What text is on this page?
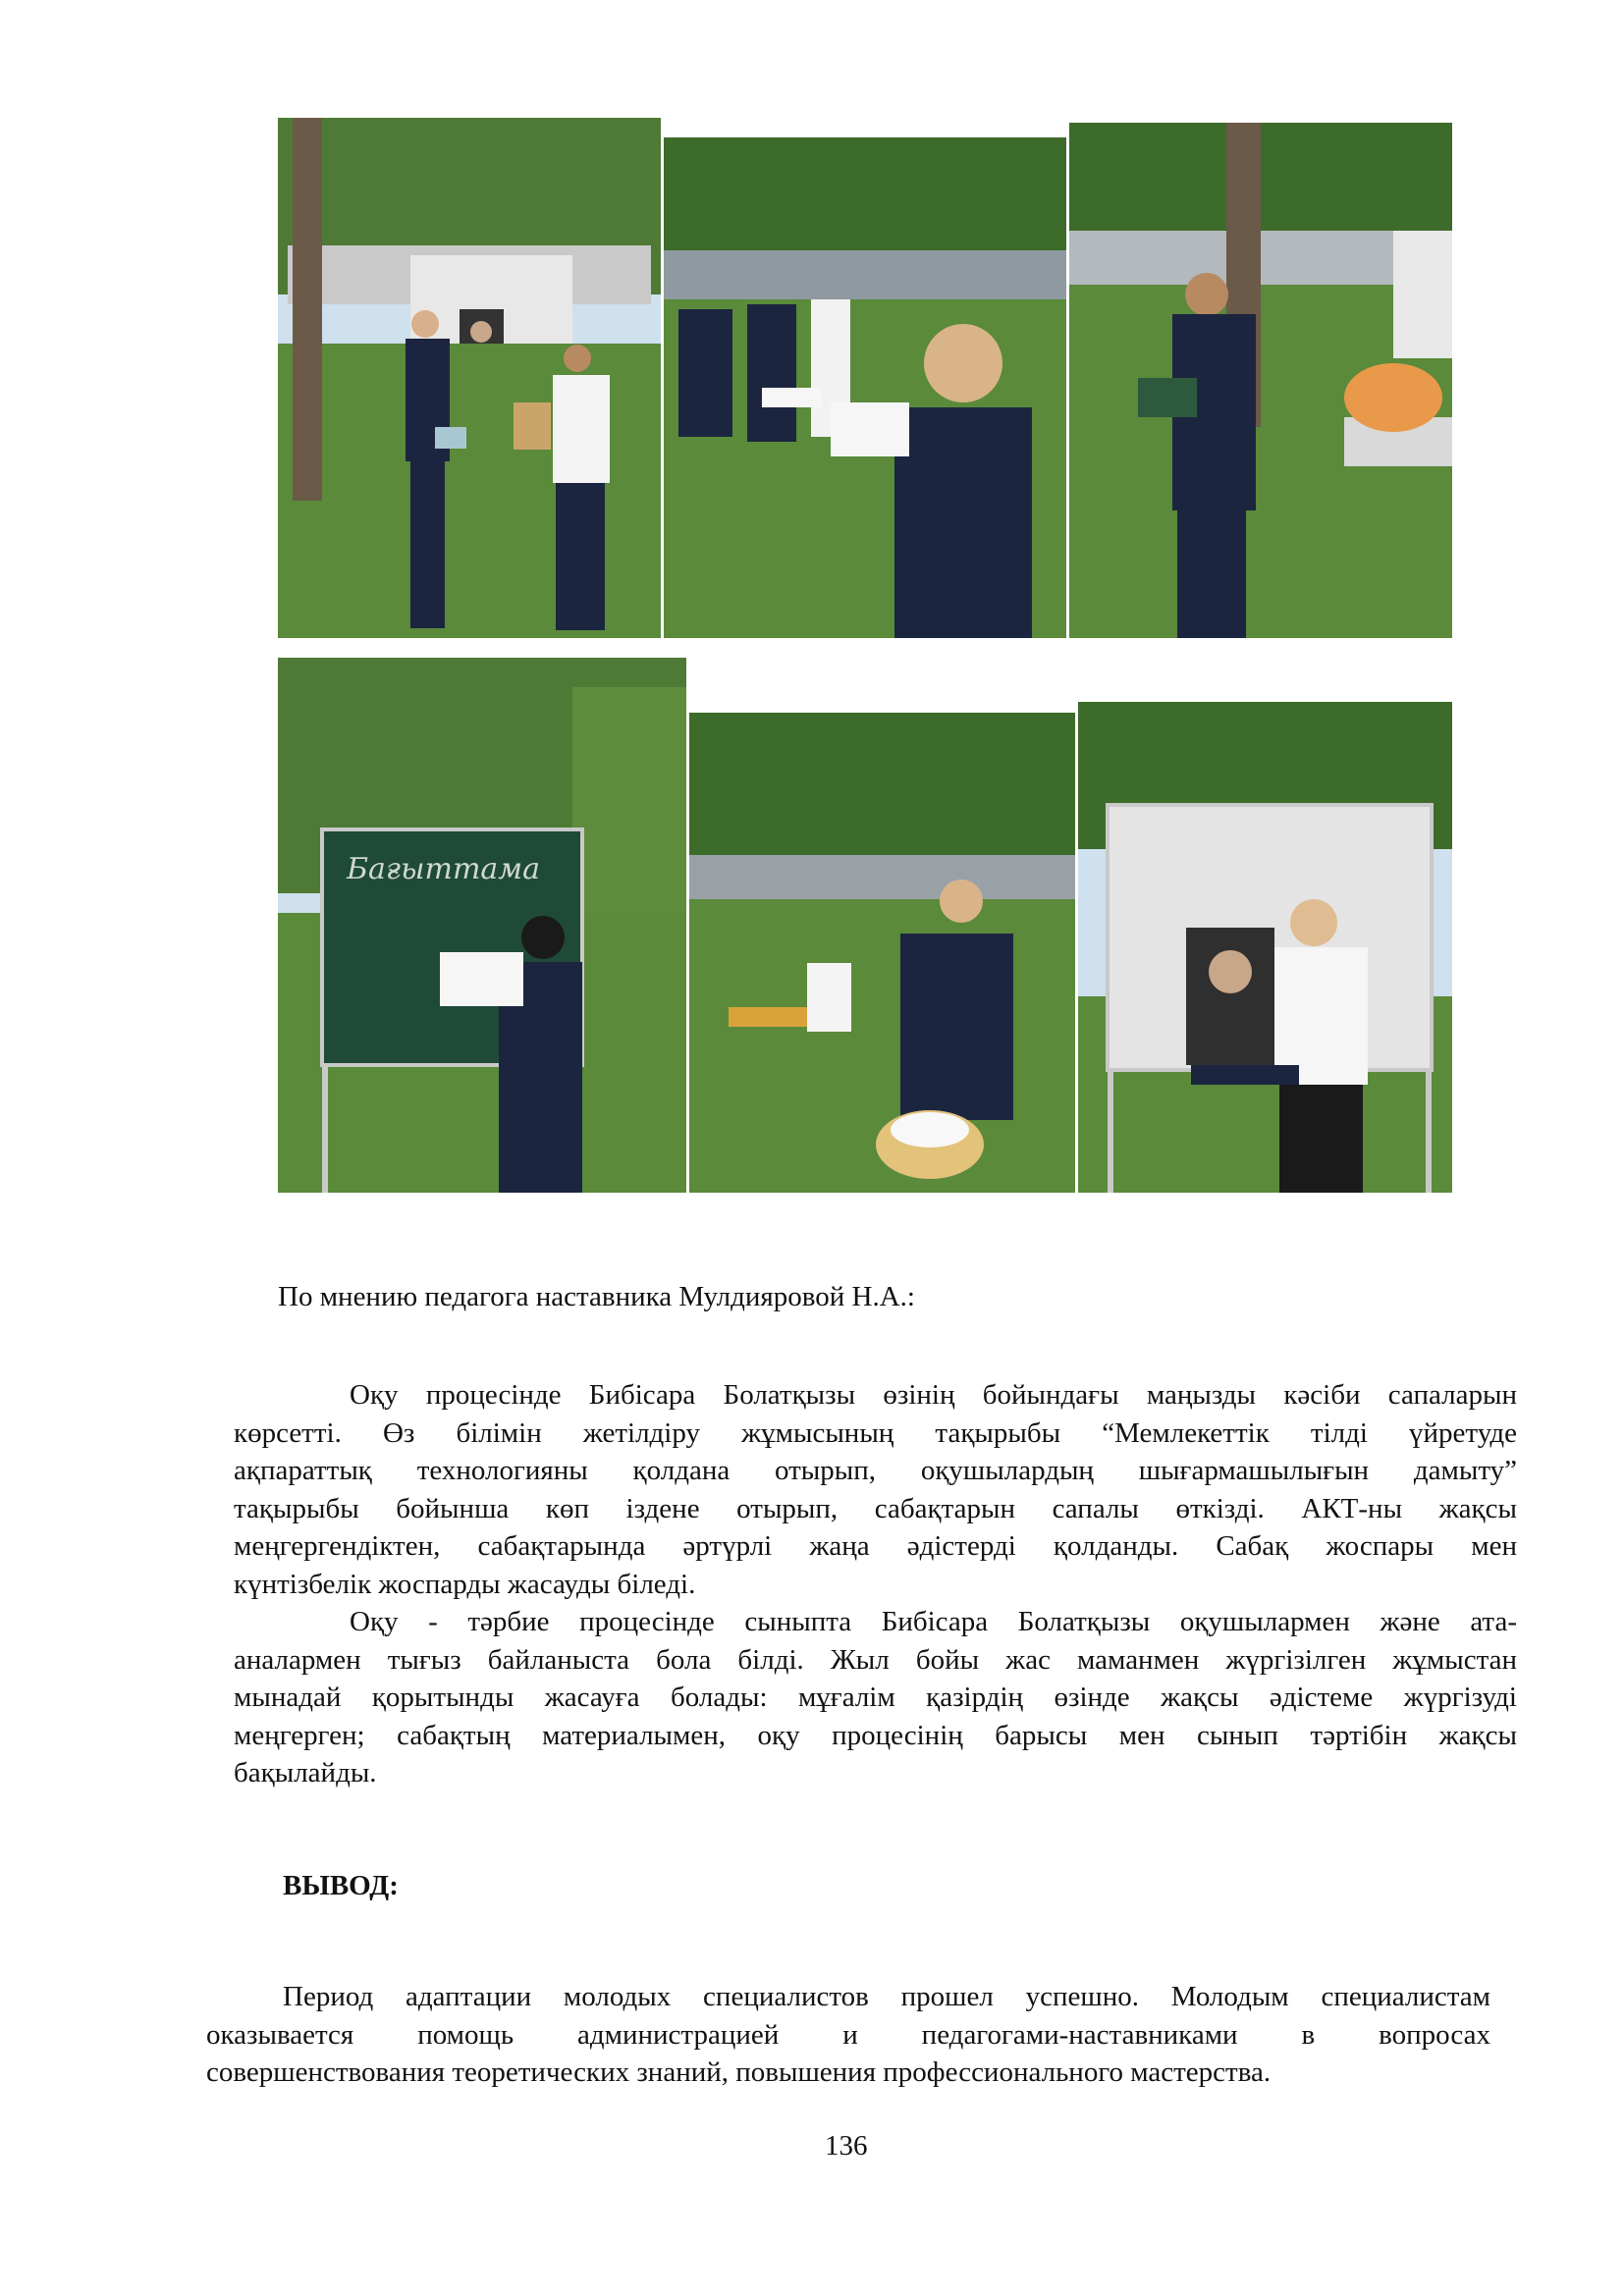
Бағыттама
По мнению педагога наставника Мулдияровой Н.А.:
Оқу процесінде Бибісара Болатқызы өзінің бойындағы маңызды кәсіби сапаларын
көрсетті. Өз білімін жетілдіру жұмысының тақырыбы “Мемлекеттік тілді үйретуде
ақпараттық технологияны қолдана отырып, оқушылардың шығармашылығын дамыту”
тақырыбы бойынша көп іздене отырып, сабақтарын сапалы өткізді. АКТ-ны жақсы
меңгергендіктен, сабақтарында әртүрлі жаңа әдістерді қолданды. Сабақ жоспары мен
күнтізбелік жоспарды жасауды біледі.
Оқу - тәрбие процесінде сыныпта Бибісара Болатқызы оқушылармен және ата-
аналармен тығыз байланыста бола білді. Жыл бойы жас маманмен жүргізілген жұмыстан
мынадай қорытынды жасауға болады: мұғалім қазірдің өзінде жақсы әдістеме жүргізуді
меңгерген; сабақтың материалымен, оқу процесінің барысы мен сынып тәртібін жақсы
бақылайды.
ВЫВОД:
Период адаптации молодых специалистов прошел успешно. Молодым специалистам
оказывается помощь администрацией и педагогами-наставниками в вопросах
совершенствования теоретических знаний, повышения профессионального мастерства.
136
